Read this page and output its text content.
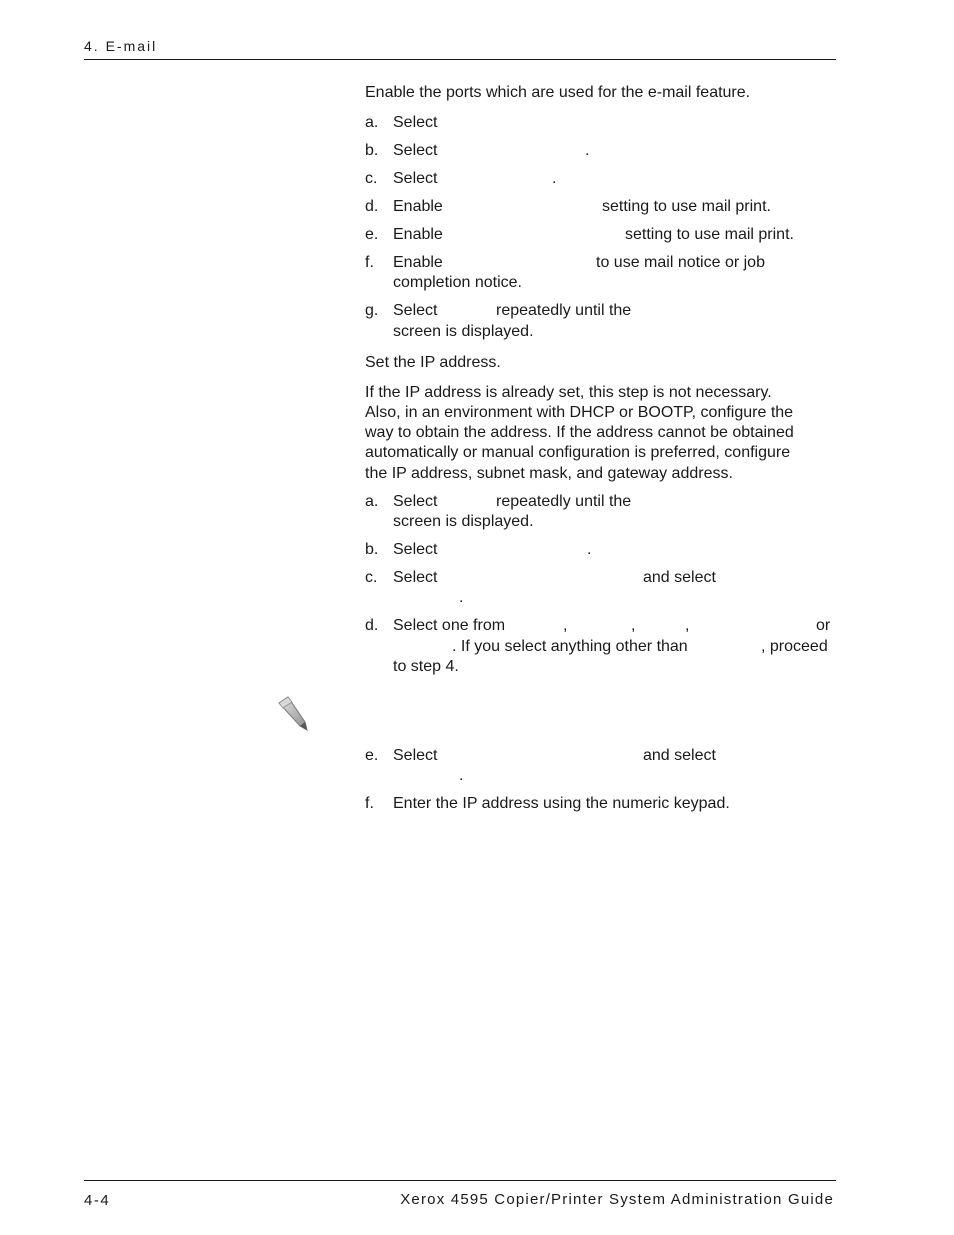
4. E-mail
Enable the ports which are used for the e-mail feature.
a. Select
b. Select	.
c. Select	.
d. Enable	setting to use mail print.
e. Enable	setting to use mail print.
f. Enable	to use mail notice or job
completion notice.
g. Select	repeatedly until the
screen is displayed.
Set the IP address.
If the IP address is already set, this step is not necessary.
Also, in an environment with DHCP or BOOTP, configure the
way to obtain the address. If the address cannot be obtained
automatically or manual configuration is preferred, configure
the IP address, subnet mask, and gateway address.
a. Select	repeatedly until the
screen is displayed.
b. Select	.
c. Select	and select
.
d. Select one from	,	,	,	or
. If you select anything other than	, proceed
to step 4.
e. Select	and select
.
f. Enter the IP address using the numeric keypad.
4-4	Xerox 4595 Copier/Printer System Administration Guide
